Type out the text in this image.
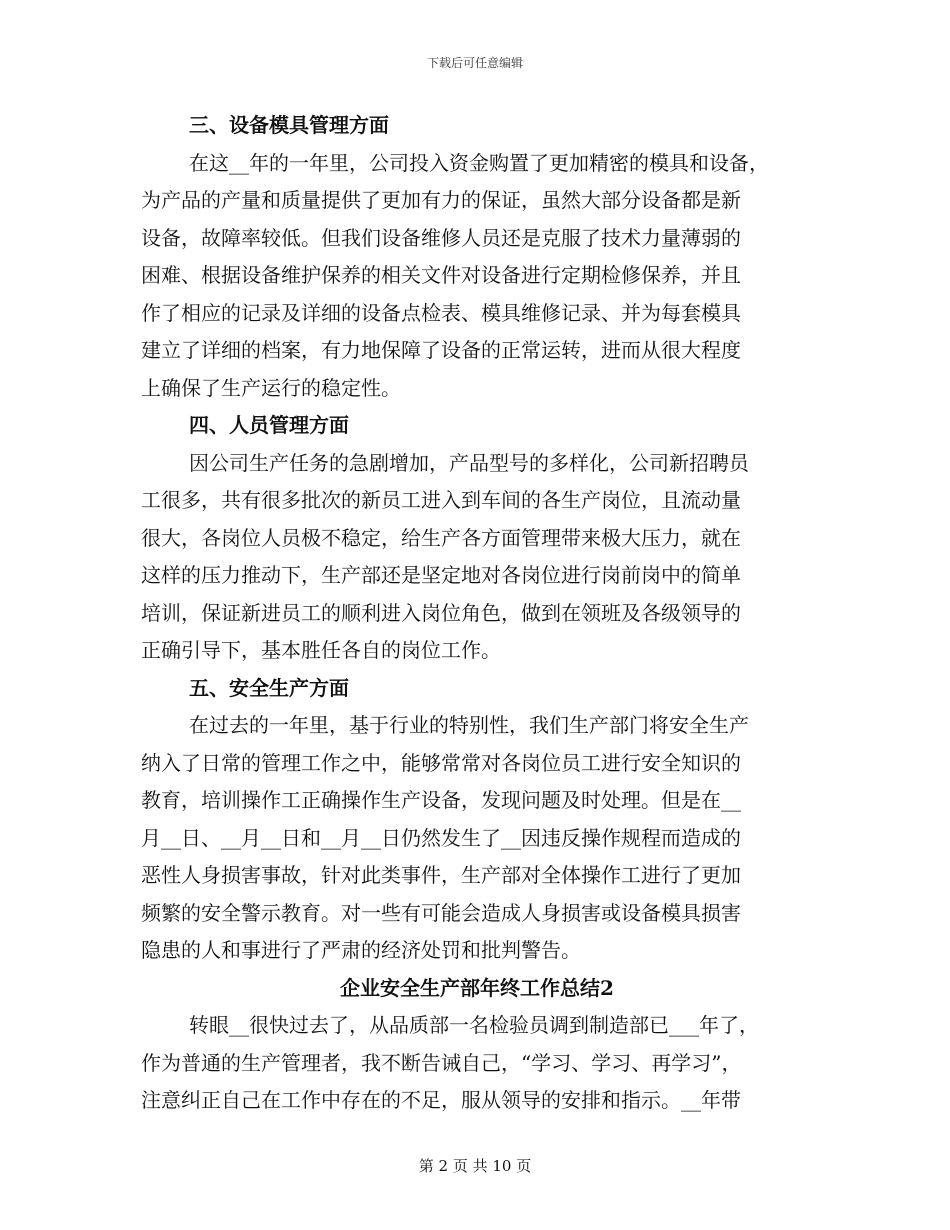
下载后可任意编辑
三、设备模具管理方面
在这__年的一年里，公司投入资金购置了更加精密的模具和设备，
为产品的产量和质量提供了更加有力的保证，虽然大部分设备都是新
设备，故障率较低。但我们设备维修人员还是克服了技术力量薄弱的
困难、根据设备维护保养的相关文件对设备进行定期检修保养，并且
作了相应的记录及详细的设备点检表、模具维修记录、并为每套模具
建立了详细的档案，有力地保障了设备的正常运转，进而从很大程度
上确保了生产运行的稳定性。
四、人员管理方面
因公司生产任务的急剧增加，产品型号的多样化，公司新招聘员
工很多，共有很多批次的新员工进入到车间的各生产岗位，且流动量
很大，各岗位人员极不稳定，给生产各方面管理带来极大压力，就在
这样的压力推动下，生产部还是坚定地对各岗位进行岗前岗中的简单
培训，保证新进员工的顺利进入岗位角色，做到在领班及各级领导的
正确引导下，基本胜任各自的岗位工作。
五、安全生产方面
在过去的一年里，基于行业的特别性，我们生产部门将安全生产
纳入了日常的管理工作之中，能够常常对各岗位员工进行安全知识的
教育，培训操作工正确操作生产设备，发现问题及时处理。但是在__
月__日、__月__日和__月__日仍然发生了__因违反操作规程而造成的
恶性人身损害事故，针对此类事件，生产部对全体操作工进行了更加
频繁的安全警示教育。对一些有可能会造成人身损害或设备模具损害
隐患的人和事进行了严肃的经济处罚和批判警告。
企业安全生产部年终工作总结2
转眼__很快过去了，从品质部一名检验员调到制造部已___年了，
作为普通的生产管理者，我不断告诫自己，“学习、学习、再学习”，
注意纠正自己在工作中存在的不足，服从领导的安排和指示。__年带
第 2 页 共 10 页
